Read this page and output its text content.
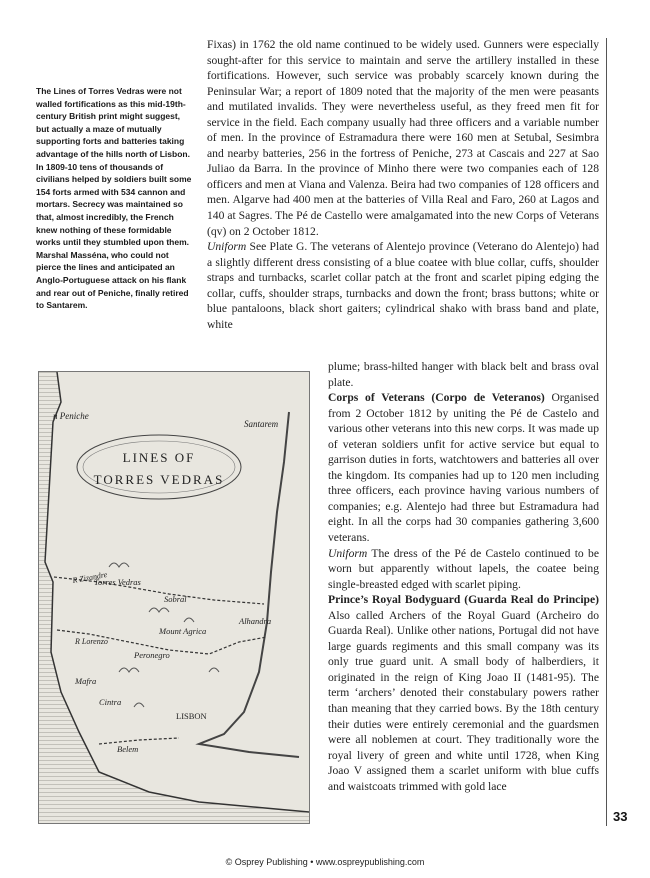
The Lines of Torres Vedras were not walled fortifications as this mid-19th-century British print might suggest, but actually a maze of mutually supporting forts and batteries taking advantage of the hills north of Lisbon. In 1809-10 tens of thousands of civilians helped by soldiers built some 154 forts armed with 534 cannon and mortars. Secrecy was maintained so that, almost incredibly, the French knew nothing of these formidable works until they stumbled upon them. Marshal Masséna, who could not pierce the lines and anticipated an Anglo-Portuguese attack on his flank and rear out of Peniche, finally retired to Santarem.

Fixas) in 1762 the old name continued to be widely used. Gunners were especially sought-after for this service to maintain and serve the artillery installed in these fortifications. However, such service was probably scarcely known during the Peninsular War; a report of 1809 noted that the majority of the men were peasants and mutilated invalids. They were nevertheless useful, as they freed men fit for service in the field. Each company usually had three officers and a variable number of men. In the province of Estramadura there were 160 men at Setubal, Sesimbra and nearby batteries, 256 in the fortress of Peniche, 273 at Cascais and 227 at Sao Juliao da Barra. In the province of Minho there were two companies each of 128 officers and men at Viana and Valenza. Beira had two companies of 128 officers and men. Algarve had 400 men at the batteries of Villa Real and Faro, 260 at Lagos and 140 at Sagres. The Pé de Castello were amalgamated into the new Corps of Veterans (qv) on 2 October 1812.

Uniform See Plate G. The veterans of Alentejo province (Veterano do Alentejo) had a slightly different dress consisting of a blue coatee with blue collar, cuffs, shoulder straps and turnbacks, scarlet collar patch at the front and scarlet piping edging the collar, cuffs, shoulder straps, turnbacks and down the front; brass buttons; white or blue pantaloons, black short gaiters; cylindrical shako with brass band and plate, white

plume; brass-hilted hanger with black belt and brass oval plate.

Corps of Veterans (Corpo de Veteranos) Organised from 2 October 1812 by uniting the Pé de Castelo and various other veterans into this new corps. It was made up of veteran soldiers unfit for active service but equal to garrison duties in forts, watchtowers and batteries all over the kingdom. Its companies had up to 120 men including three officers, each province having various numbers of companies; e.g. Alentejo had three but Estramadura had eight. In all the corps had 30 companies gathering 3,600 veterans.

Uniform The dress of the Pé de Castelo continued to be worn but apparently without lapels, the coatee being single-breasted edged with scarlet piping.

Prince’s Royal Bodyguard (Guarda Real do Principe) Also called Archers of the Royal Guard (Archeiro do Guarda Real). Unlike other nations, Portugal did not have large guards regiments and this small company was its only true guard unit. A small body of halberdiers, it originated in the reign of King Joao II (1481-95). The term ‘archers’ denoted their constabulary powers rather than meaning that they carried bows. By the 18th century their duties were entirely ceremonial and the guardsmen were all noblemen at court. They traditionally wore the royal livery of green and white until 1728, when King Joao V assigned them a scarlet uniform with blue cuffs and waistcoats trimmed with gold lace

LINES OF
TORRES VEDRAS
n Peniche
Santarem
R Zizandre
Torres Vedras
Sobral
Alhandra
R Lorenzo
Mount Agrica
Peronegro
Mafra
Cintra
LISBON
Belem
33
© Osprey Publishing • www.ospreypublishing.com
